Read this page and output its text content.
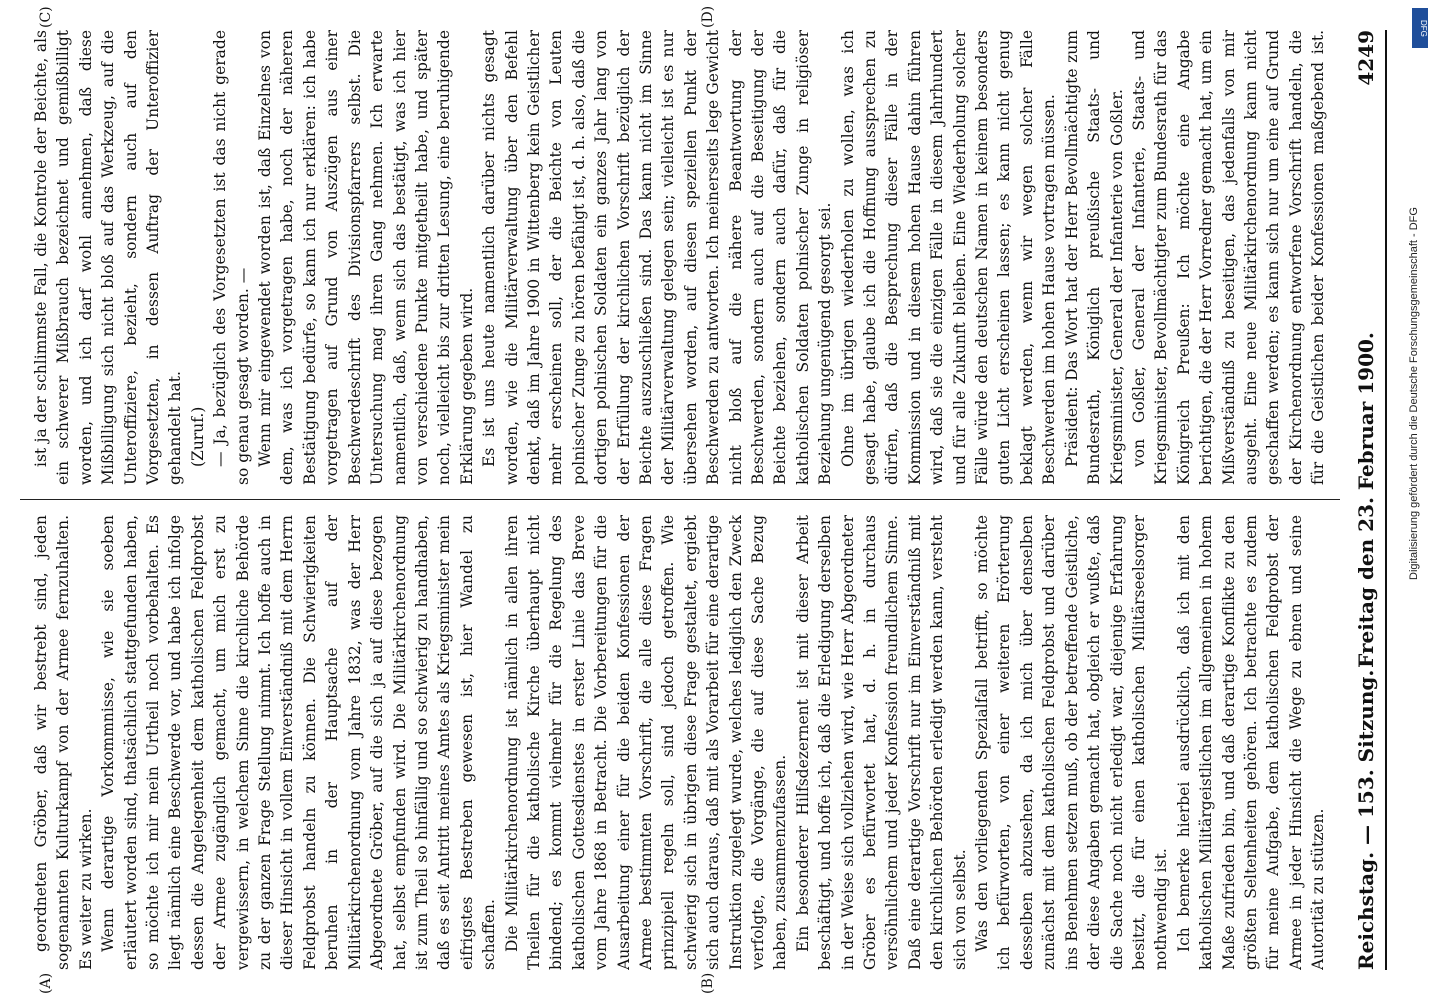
geordneten Gröber, daß wir bestrebt sind, jeden sogenannten Kulturkampf von der Armee fernzuhalten. Es weiter zu wirken. Wenn derartige Vorkommnisse, wie sie soeben erläutert worden sind, thatsächlich stattgefunden haben, so möchte ich mir mein Urtheil noch vorbehalten. Es liegt nämlich eine Beschwerde vor, und habe ich infolge dessen die Angelegenheit dem katholischen Feldprobst der Armee zugänglich gemacht, um mich erst zu vergewissern, in welchem Sinne die kirchliche Behörde zu der ganzen Frage Stellung nimmt. Ich hoffe auch in dieser Hinsicht in vollem Einverständniß mit dem Herrn Feldprobst handeln zu können. Die Schwierigkeiten beruhen in der Hauptsache auf der Militärkirchenordnung vom Jahre 1832, was der Herr Abgeordnete Gröber, auf die sich ja auf diese bezogen hat, selbst empfunden wird. Die Militärkirchenordnung ist zum Theil so hinfällig und so schwierig zu handhaben, daß es seit Antritt meines Amtes als Kriegsminister mein eifrigstes Bestreben gewesen ist, hier Wandel zu schaffen. Die Militärkirchenordnung ist nämlich in allen ihren Theilen für die katholische Kirche überhaupt nicht bindend; es kommt vielmehr für die Regelung des katholischen Gottesdienstes in erster Linie das Breve vom Jahre 1868 in Betracht. Die Vorbereitungen für die Ausarbeitung einer für die beiden Konfessionen der Armee bestimmten Vorschrift, die alle diese Fragen prinzipiell regeln soll, sind jedoch getroffen. Wie schwierig sich in übrigen diese Frage gestaltet, ergiebt sich auch daraus, daß mit als Vorarbeit für eine derartige Instruktion zugelegt wurde, welches lediglich den Zweck verfolgte, die Vorgänge, die auf diese Sache Bezug haben, zusammenzufassen. Ein besonderer Hilfsdezernent ist mit dieser Arbeit beschäftigt, und hoffe ich, daß die Erledigung derselben in der Weise sich vollziehen wird, wie Herr Abgeordneter Gröber es befürwortet hat, d. h. in durchaus versöhnlichem und jeder Konfession freundlichem Sinne. Daß eine derartige Vorschrift nur im Einverständniß mit den kirchlichen Behörden erledigt werden kann, versteht sich von selbst. Was den vorliegenden Spezialfall betrifft, so möchte ich befürworten, von einer weiteren Erörterung desselben abzusehen, da ich mich über denselben zunächst mit dem katholischen Feldprobst und darüber ins Benehmen setzen muß, ob der betreffende Geistliche, der diese Angaben gemacht hat, obgleich er wußte, daß die Sache noch nicht erledigt war, diejenige Erfahrung besitzt, die für einen katholischen Militärseelsorger nothwendig ist. Ich bemerke hierbei ausdrücklich, daß ich mit den katholischen Militärgeistlichen im allgemeinen in hohem Maße zufrieden bin, und daß derartige Konflikte zu den größten Seltenheiten gehören. Ich betrachte es zudem für meine Aufgabe, dem katholischen Feldprobst der Armee in jeder Hinsicht die Wege zu ebnen und seine Autorität zu stützen.

ist ja der schlimmste Fall, die Kontrole der Beichte, als ein schwerer Mißbrauch bezeichnet und gemißbilligt worden, und ich darf wohl annehmen, daß diese Mißbilligung sich nicht bloß auf das Werkzeug, auf die Unteroffiziere, bezieht, sondern auch auf den Vorgesetzten, in dessen Auftrag der Unteroffizier gehandelt hat. (Zuruf.) — Ja, bezüglich des Vorgesetzten ist das nicht gerade so genau gesagt worden. — Wenn mir eingewendet worden ist, daß Einzelnes von dem, was ich vorgetragen habe, noch der näheren Bestätigung bedürfe, so kann ich nur erklären: ich habe vorgetragen auf Grund von Auszügen aus einer Beschwerdeschrift des Divisionspfarrers selbst. Die Untersuchung mag ihren Gang nehmen. Ich erwarte namentlich, daß, wenn sich das bestätigt, was ich hier von verschiedene Punkte mitgetheilt habe, und später noch, vielleicht bis zur dritten Lesung, eine beruhigende Erklärung gegeben wird. Es ist uns heute namentlich darüber nichts gesagt worden, wie die Militärverwaltung über den Befehl denkt, daß im Jahre 1900 in Wittenberg kein Geistlicher mehr erscheinen soll, der die Beichte von Leuten polnischer Zunge zu hören befähigt ist, d. h. also, daß die dortigen polnischen Soldaten ein ganzes Jahr lang von der Erfüllung der kirchlichen Vorschrift bezüglich der Beichte auszuschließen sind. Das kann nicht im Sinne der Militärverwaltung gelegen sein; vielleicht ist es nur übersehen worden, auf diesen speziellen Punkt der Beschwerden zu antworten. Ich meinerseits lege Gewicht nicht bloß auf die nähere Beantwortung der Beschwerden, sondern auch auf die Beseitigung der Beichte beziehen, sondern auch dafür, daß für die katholischen Soldaten polnischer Zunge in religiöser Beziehung ungenügend gesorgt sei. Ohne im übrigen wiederholen zu wollen, was ich gesagt habe, glaube ich die Hoffnung aussprechen zu dürfen, daß die Besprechung dieser Fälle in der Kommission und in diesem hohen Hause dahin führen wird, daß sie die einzigen Fälle in diesem Jahrhundert und für alle Zukunft bleiben. Eine Wiederholung solcher Fälle würde den deutschen Namen in keinem besonders guten Licht erscheinen lassen; es kann nicht genug beklagt werden, wenn wir wegen solcher Fälle Beschwerden im hohen Hause vortragen müssen. Präsident: Das Wort hat der Herr Bevollmächtigte zum Bundesrath, Königlich preußische Staats- und Kriegsminister, General der Infanterie von Goßler. von Goßler, General der Infanterie, Staats- und Kriegsminister, Bevollmächtigter zum Bundesrath für das Königreich Preußen: Ich möchte eine Angabe berichtigen, die der Herr Vorredner gemacht hat, um ein Mißverständniß zu beseitigen, das jedenfalls von mir ausgeht. Eine neue Militärkirchenordnung kann nicht geschaffen werden; es kann sich nur um eine auf Grund der Kirchenordnung entworfene Vorschrift handeln, die für die Geistlichen beider Konfessionen maßgebend ist.

(A)	(B)
(C)	(D)
Reichstag. — 153. Sitzung.
Freitag den 23. Februar 1900.
4249
Digitalisierung gefördert durch die Deutsche Forschungsgemeinschaft - DFG
DFG
